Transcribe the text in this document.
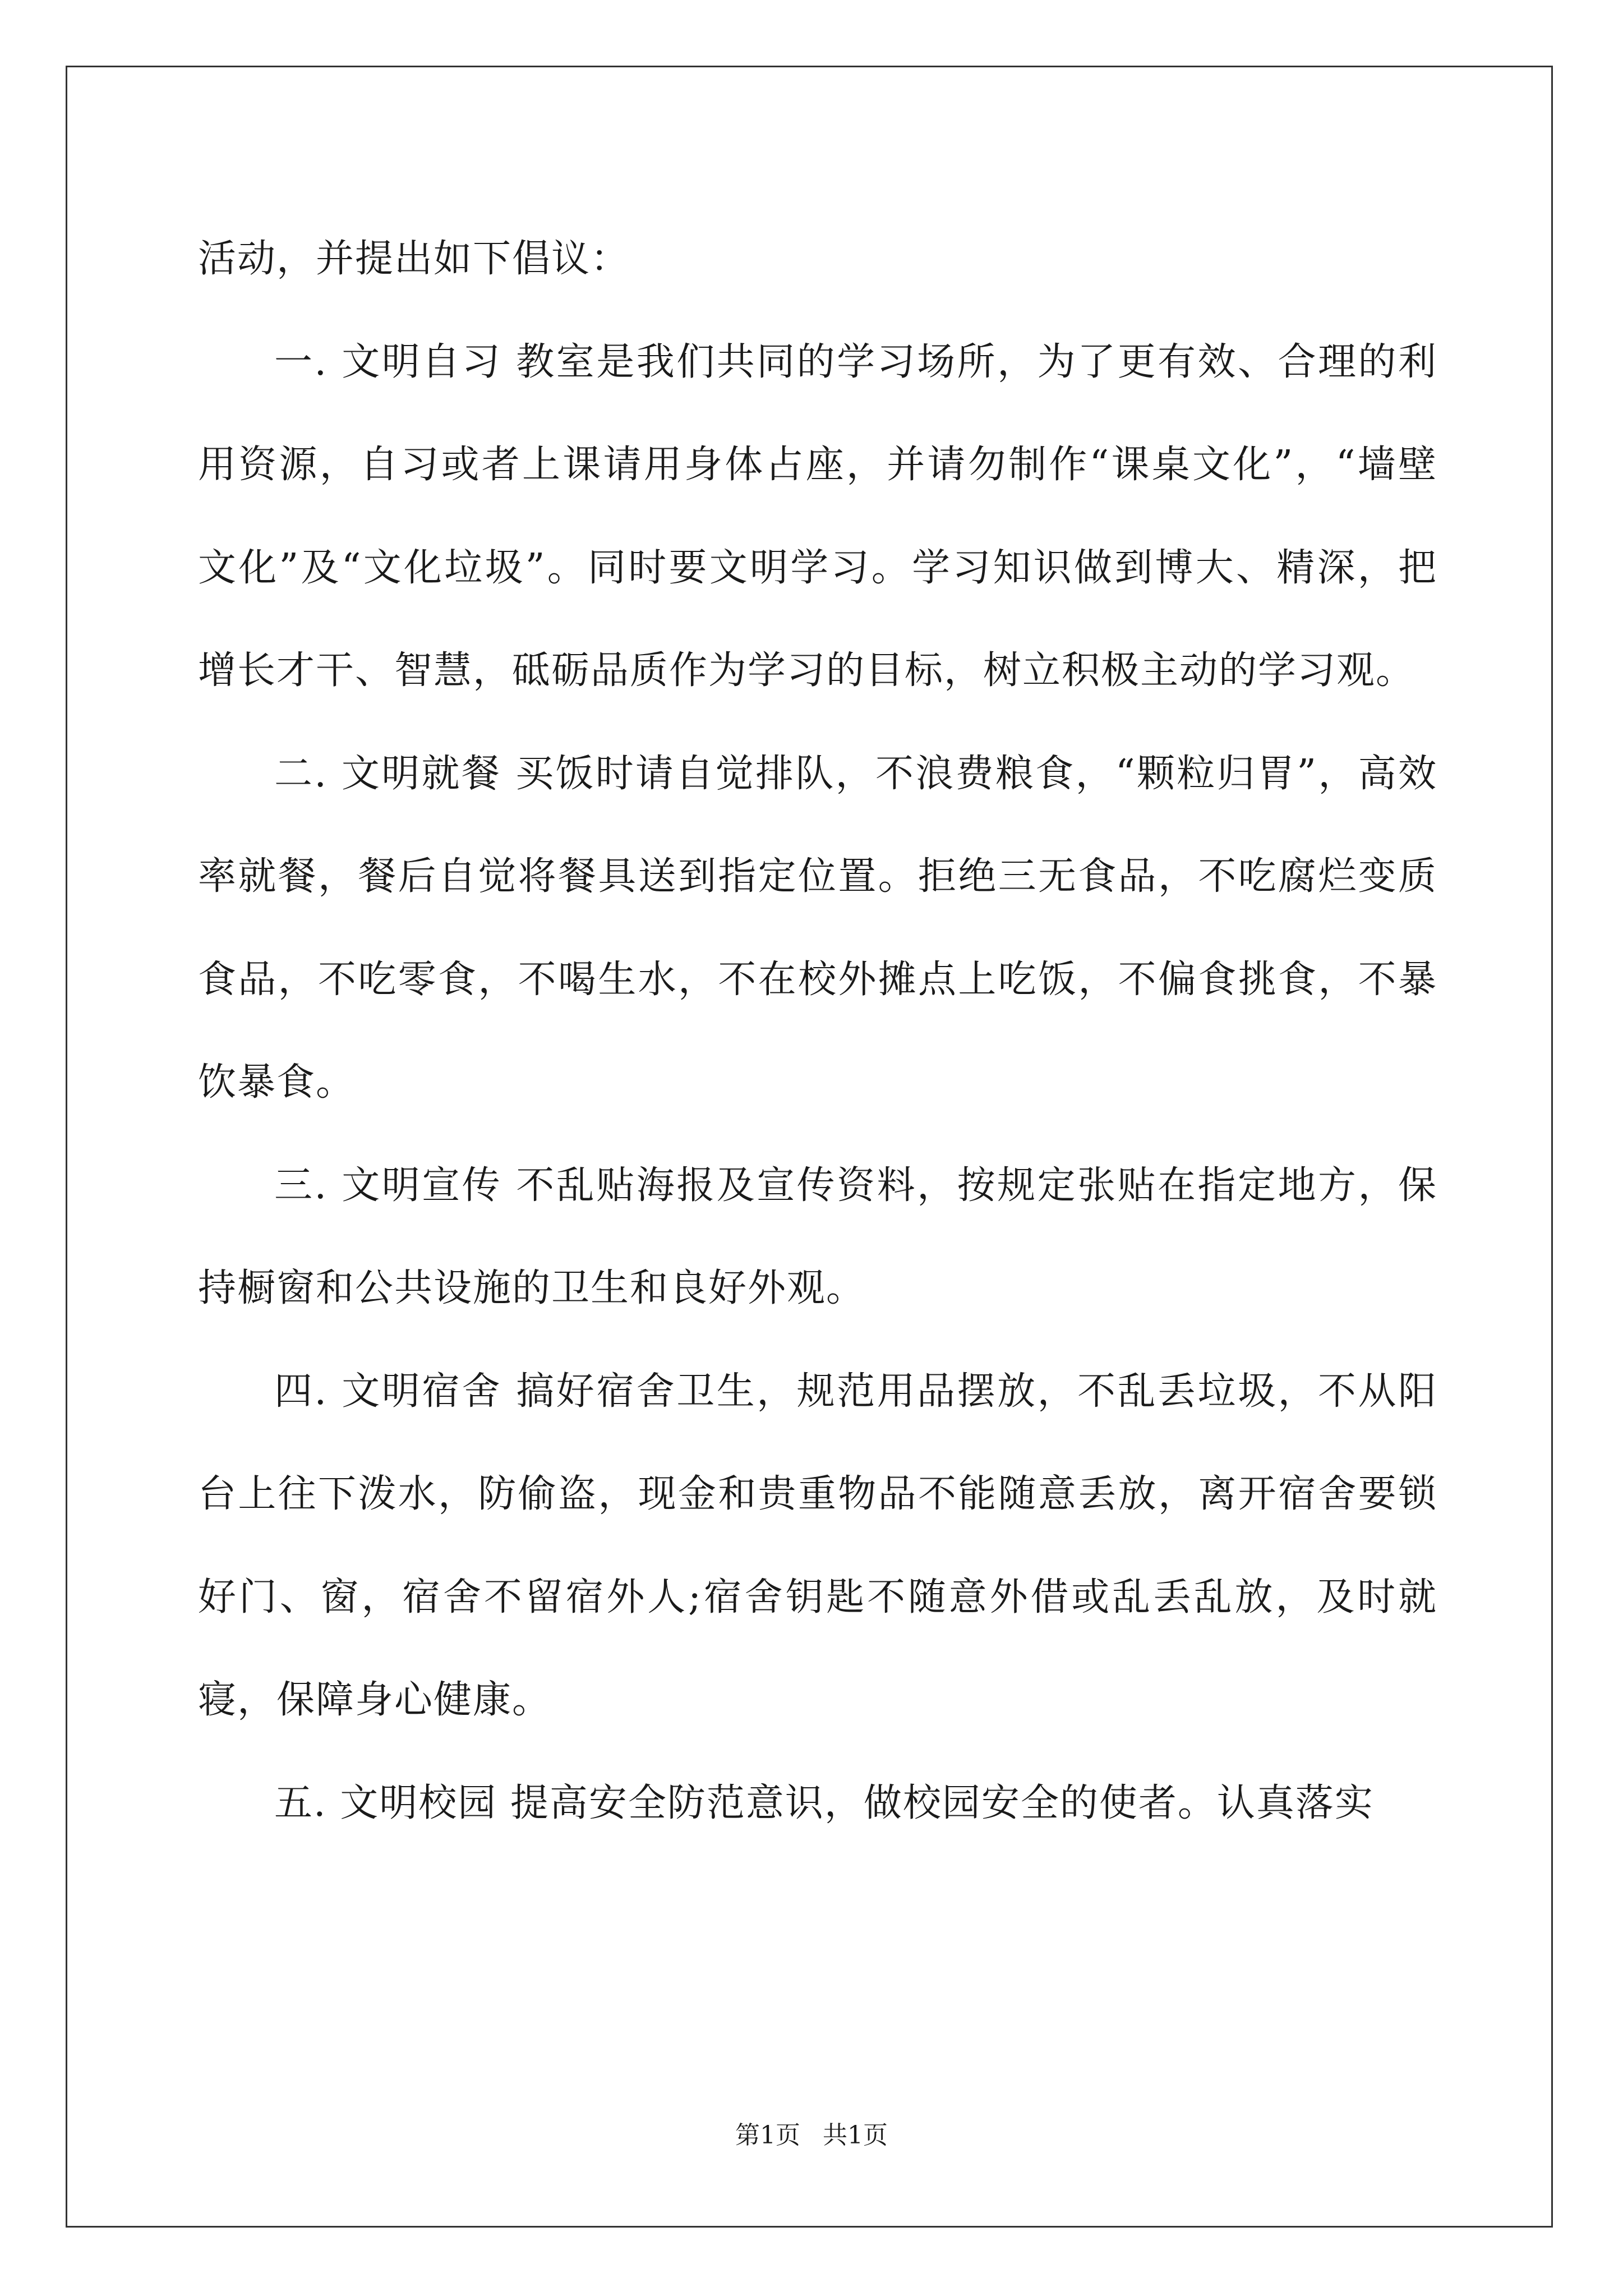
活动，并提出如下倡议：

一. 文明自习 教室是我们共同的学习场所，为了更有效、合理的利用资源，自习或者上课请用身体占座，并请勿制作“课桌文化”，“墙壁文化”及“文化垃圾”。同时要文明学习。学习知识做到博大、精深，把增长才干、智慧，砥砺品质作为学习的目标，树立积极主动的学习观。

二. 文明就餐 买饭时请自觉排队，不浪费粮食，“颗粒归胃”，高效率就餐，餐后自觉将餐具送到指定位置。拒绝三无食品，不吃腐烂变质食品，不吃零食，不喝生水，不在校外摊点上吃饭，不偏食挑食，不暴饮暴食。

三. 文明宣传 不乱贴海报及宣传资料，按规定张贴在指定地方，保持橱窗和公共设施的卫生和良好外观。

四. 文明宿舍 搞好宿舍卫生，规范用品摆放，不乱丢垃圾，不从阳台上往下泼水，防偷盗，现金和贵重物品不能随意丢放，离开宿舍要锁好门、窗，宿舍不留宿外人;宿舍钥匙不随意外借或乱丢乱放，及时就寝，保障身心健康。

五. 文明校园 提高安全防范意识，做校园安全的使者。认真落实

第1页 共1页
